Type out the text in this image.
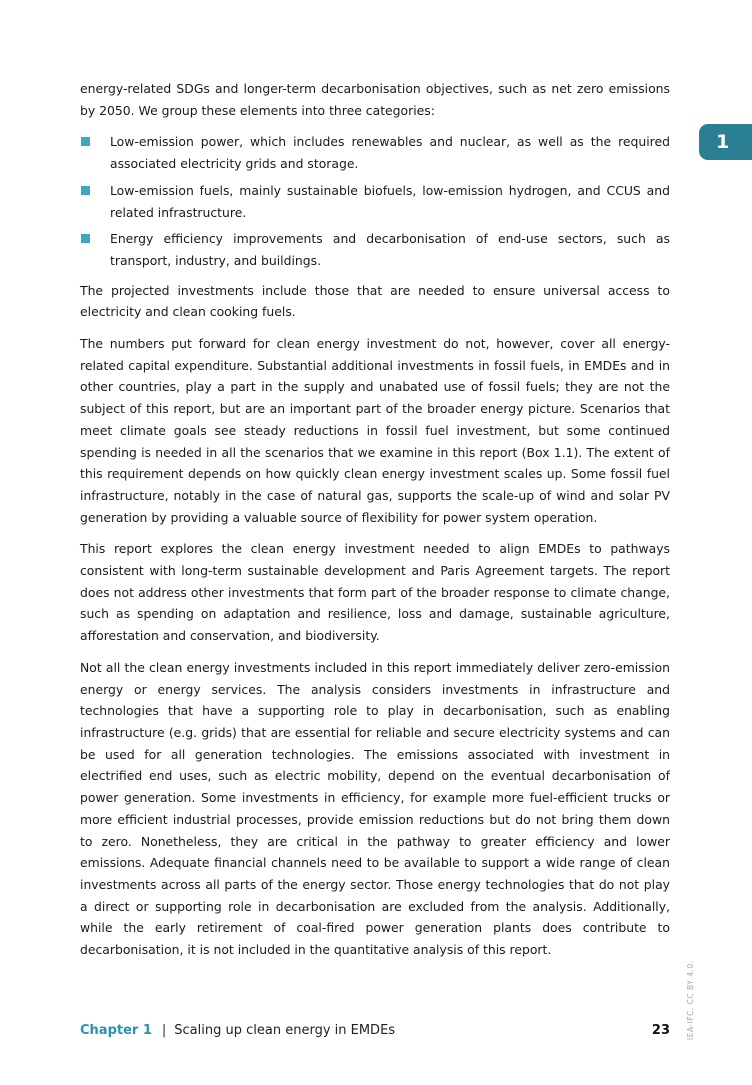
1

energy-related SDGs and longer-term decarbonisation objectives, such as net zero emissions by 2050. We group these elements into three categories:

Low-emission power, which includes renewables and nuclear, as well as the required associated electricity grids and storage.
Low-emission fuels, mainly sustainable biofuels, low-emission hydrogen, and CCUS and related infrastructure.
Energy efficiency improvements and decarbonisation of end-use sectors, such as transport, industry, and buildings.

The projected investments include those that are needed to ensure universal access to electricity and clean cooking fuels.

The numbers put forward for clean energy investment do not, however, cover all energy-related capital expenditure. Substantial additional investments in fossil fuels, in EMDEs and in other countries, play a part in the supply and unabated use of fossil fuels; they are not the subject of this report, but are an important part of the broader energy picture. Scenarios that meet climate goals see steady reductions in fossil fuel investment, but some continued spending is needed in all the scenarios that we examine in this report (Box 1.1). The extent of this requirement depends on how quickly clean energy investment scales up. Some fossil fuel infrastructure, notably in the case of natural gas, supports the scale-up of wind and solar PV generation by providing a valuable source of flexibility for power system operation.

This report explores the clean energy investment needed to align EMDEs to pathways consistent with long-term sustainable development and Paris Agreement targets. The report does not address other investments that form part of the broader response to climate change, such as spending on adaptation and resilience, loss and damage, sustainable agriculture, afforestation and conservation, and biodiversity.

Not all the clean energy investments included in this report immediately deliver zero-emission energy or energy services. The analysis considers investments in infrastructure and technologies that have a supporting role to play in decarbonisation, such as enabling infrastructure (e.g. grids) that are essential for reliable and secure electricity systems and can be used for all generation technologies. The emissions associated with investment in electrified end uses, such as electric mobility, depend on the eventual decarbonisation of power generation. Some investments in efficiency, for example more fuel-efficient trucks or more efficient industrial processes, provide emission reductions but do not bring them down to zero. Nonetheless, they are critical in the pathway to greater efficiency and lower emissions. Adequate financial channels need to be available to support a wide range of clean investments across all parts of the energy sector. Those energy technologies that do not play a direct or supporting role in decarbonisation are excluded from the analysis. Additionally, while the early retirement of coal-fired power generation plants does contribute to decarbonisation, it is not included in the quantitative analysis of this report.

Chapter 1 | Scaling up clean energy in EMDEs	23 IEA-IFC. CC BY 4.0.
